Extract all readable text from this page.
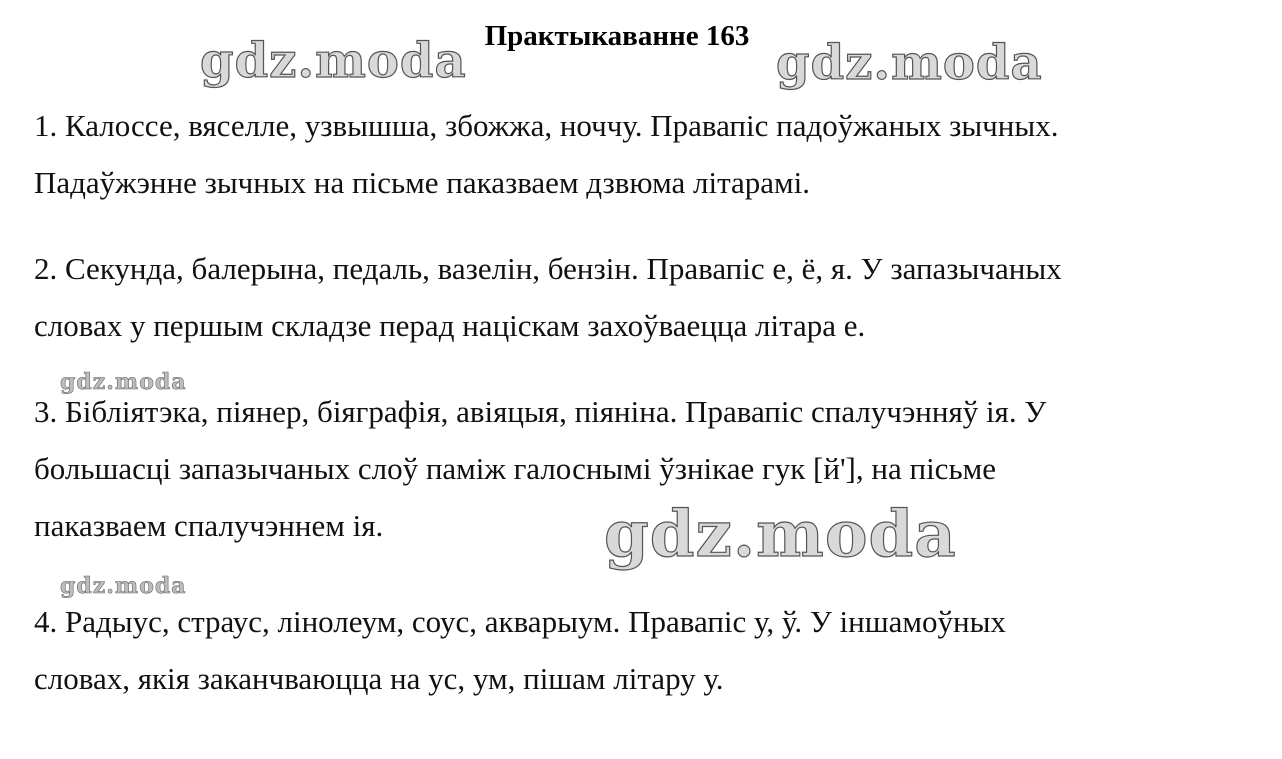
Практыкаванне 163
1. Калоссе, вяселле, узвышша, збожжа, ноччу. Правапіс падоўжаных зычных.
Падаўжэнне зычных на пісьме паказваем дзвюма літарамі.
2. Секунда, балерына, педаль, вазелін, бензін. Правапіс е, ё, я. У запазычаных
словах у першым складзе перад націскам захоўваецца літара е.
3. Бібліятэка, піянер, біяграфія, авіяцыя, піяніна. Правапіс спалучэнняў ія. У
большасці запазычаных слоў паміж галоснымі ўзнікае гук [й'], на пісьме
паказваем спалучэннем ія.
4. Радыус, страус, лінолеум, соус, акварыум. Правапіс у, ў. У іншамоўных
словах, якія заканчваюцца на ус, ум, пішам літару у.
gdz.moda	gdz.moda
gdz.moda
gdz.moda
gdz.moda
